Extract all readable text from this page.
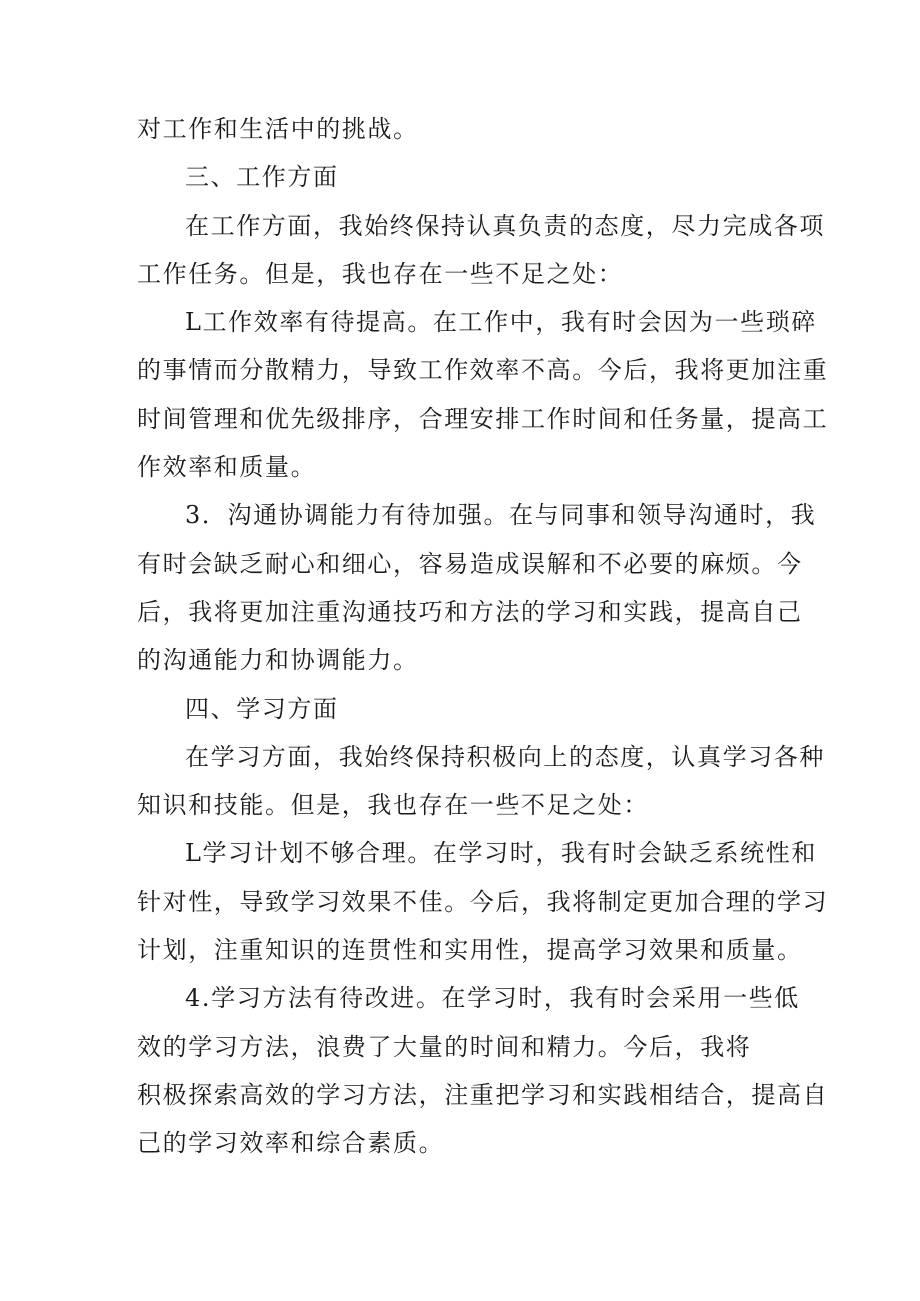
对工作和生活中的挑战。
三、工作方面
在工作方面，我始终保持认真负责的态度，尽力完成各项
工作任务。但是，我也存在一些不足之处：
L工作效率有待提高。在工作中，我有时会因为一些琐碎
的事情而分散精力，导致工作效率不高。今后，我将更加注重
时间管理和优先级排序，合理安排工作时间和任务量，提高工
作效率和质量。
3．沟通协调能力有待加强。在与同事和领导沟通时，我
有时会缺乏耐心和细心，容易造成误解和不必要的麻烦。今
后，我将更加注重沟通技巧和方法的学习和实践，提高自己
的沟通能力和协调能力。
四、学习方面
在学习方面，我始终保持积极向上的态度，认真学习各种
知识和技能。但是，我也存在一些不足之处：
L学习计划不够合理。在学习时，我有时会缺乏系统性和
针对性，导致学习效果不佳。今后，我将制定更加合理的学习
计划，注重知识的连贯性和实用性，提高学习效果和质量。
4.学习方法有待改进。在学习时，我有时会采用一些低
效的学习方法，浪费了大量的时间和精力。今后，我将
积极探索高效的学习方法，注重把学习和实践相结合，提高自
己的学习效率和综合素质。
